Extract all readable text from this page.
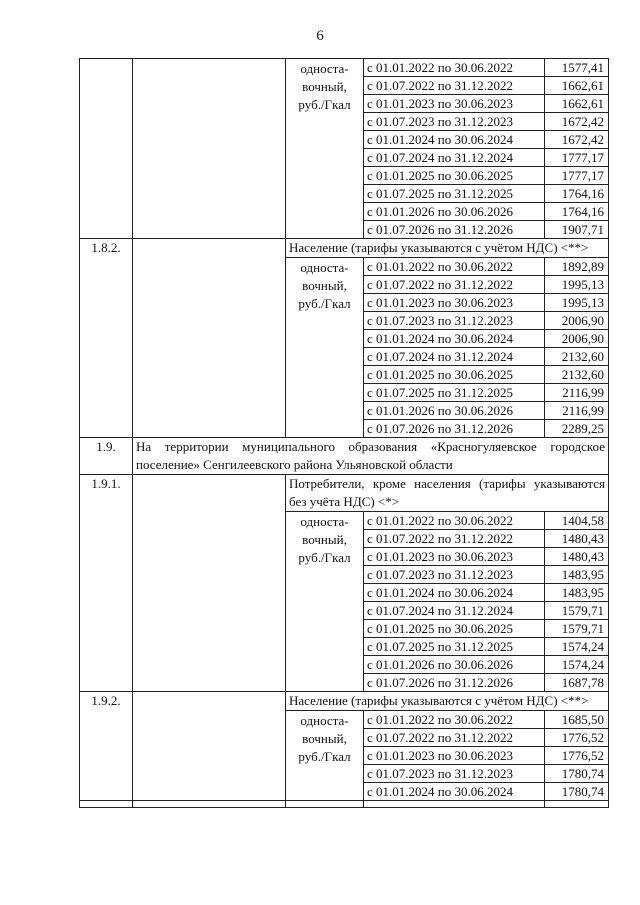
6

		односта-
вочный,
руб./Гкал	с 01.01.2022 по 30.06.2022	1577,41
			с 01.07.2022 по 31.12.2022	1662,61
			с 01.01.2023 по 30.06.2023	1662,61
			с 01.07.2023 по 31.12.2023	1672,42
			с 01.01.2024 по 30.06.2024	1672,42
			с 01.07.2024 по 31.12.2024	1777,17
			с 01.01.2025 по 30.06.2025	1777,17
			с 01.07.2025 по 31.12.2025	1764,16
			с 01.01.2026 по 30.06.2026	1764,16
			с 01.07.2026 по 31.12.2026	1907,71
1.8.2.		Население (тарифы указываются с учётом НДС) <**>		

		односта-
вочный,
руб./Гкал	с 01.01.2022 по 30.06.2022	1892,89
			с 01.07.2022 по 31.12.2022	1995,13
			с 01.01.2023 по 30.06.2023	1995,13
			с 01.07.2023 по 31.12.2023	2006,90
			с 01.01.2024 по 30.06.2024	2006,90
			с 01.07.2024 по 31.12.2024	2132,60
			с 01.01.2025 по 30.06.2025	2132,60
			с 01.07.2025 по 31.12.2025	2116,99
			с 01.01.2026 по 30.06.2026	2116,99
			с 01.07.2026 по 31.12.2026	2289,25
1.9.	На территории муниципального образования «Красногуляевское городское поселение» Сенгилеевского района Ульяновской области			
1.9.1.		Потребители, кроме населения (тарифы указываются без учёта НДС) <*>		

		односта-
вочный,
руб./Гкал	с 01.01.2022 по 30.06.2022	1404,58
			с 01.07.2022 по 31.12.2022	1480,43
			с 01.01.2023 по 30.06.2023	1480,43
			с 01.07.2023 по 31.12.2023	1483,95
			с 01.01.2024 по 30.06.2024	1483,95
			с 01.07.2024 по 31.12.2024	1579,71
			с 01.01.2025 по 30.06.2025	1579,71
			с 01.07.2025 по 31.12.2025	1574,24
			с 01.01.2026 по 30.06.2026	1574,24
			с 01.07.2026 по 31.12.2026	1687,78
1.9.2.		Население (тарифы указываются с учётом НДС) <**>		

		односта-
вочный,
руб./Гкал	с 01.01.2022 по 30.06.2022	1685,50
			с 01.07.2022 по 31.12.2022	1776,52
			с 01.01.2023 по 30.06.2023	1776,52
			с 01.07.2023 по 31.12.2023	1780,74
			с 01.01.2024 по 30.06.2024	1780,74
